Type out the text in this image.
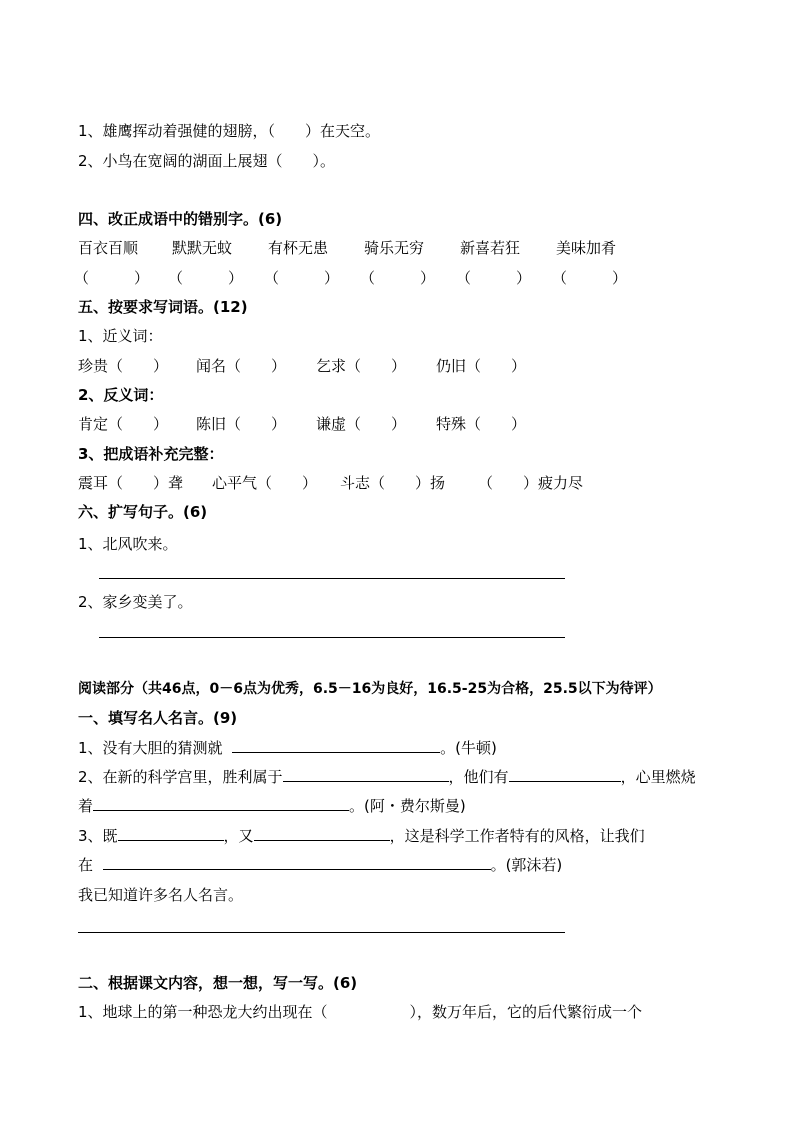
1、雄鹰挥动着强健的翅膀，（　　）在天空。
2、小鸟在宽阔的湖面上展翅（　　）。
四、改正成语中的错别字。(6)
百衣百顺 默默无蚊 有杯无患 骑乐无穷 新喜若狂 美味加肴
（　　　） （　　　） （　　　） （　　　） （　　　） （　　　）
五、按要求写词语。(12)
1、近义词：
珍贵（　　） 闻名（　　） 乞求（　　） 仍旧（　　）
2、反义词：
肯定（　　） 陈旧（　　） 谦虚（　　） 特殊（　　）
3、把成语补充完整：
震耳（　　）聋 心平气（　　） 斗志（　　）扬 （　　）疲力尽
六、扩写句子。(6)
1、北风吹来。
2、家乡变美了。
阅读部分（共46点，0－6点为优秀，6.5－16为良好，16.5-25为合格，25.5以下为待评）
一、填写名人名言。(9)
1、没有大胆的猜测就	。(牛顿)
2、在新的科学宫里，胜利属于	，他们有	，心里燃烧
着	。(阿・费尔斯曼)
3、既	，又	，这是科学工作者特有的风格，让我们
在	。(郭沫若)
我已知道许多名人名言。
二、根据课文内容，想一想，写一写。(6)
1、地球上的第一种恐龙大约出现在（	），数万年后，它的后代繁衍成一个
